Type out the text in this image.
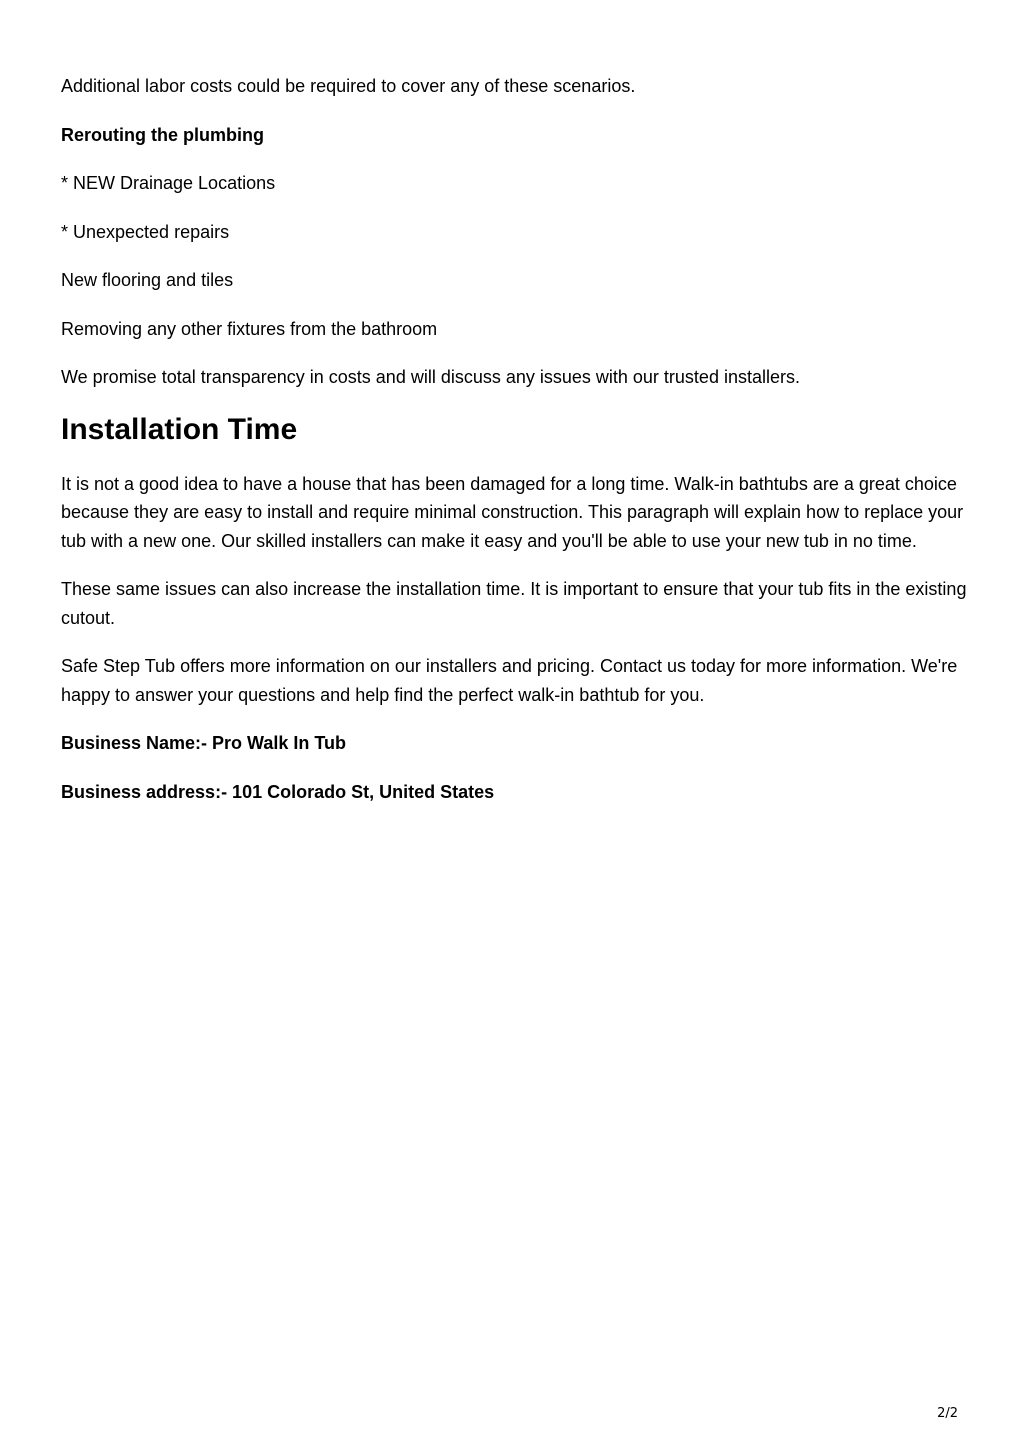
Additional labor costs could be required to cover any of these scenarios.

Rerouting the plumbing

* NEW Drainage Locations

* Unexpected repairs

New flooring and tiles

Removing any other fixtures from the bathroom

We promise total transparency in costs and will discuss any issues with our trusted installers.

Installation Time

It is not a good idea to have a house that has been damaged for a long time. Walk-in bathtubs are a great choice because they are easy to install and require minimal construction. This paragraph will explain how to replace your tub with a new one. Our skilled installers can make it easy and you'll be able to use your new tub in no time.

These same issues can also increase the installation time. It is important to ensure that your tub fits in the existing cutout.

Safe Step Tub offers more information on our installers and pricing. Contact us today for more information. We're happy to answer your questions and help find the perfect walk-in bathtub for you.

Business Name:- Pro Walk In Tub

Business address:- 101 Colorado St, United States

2/2
